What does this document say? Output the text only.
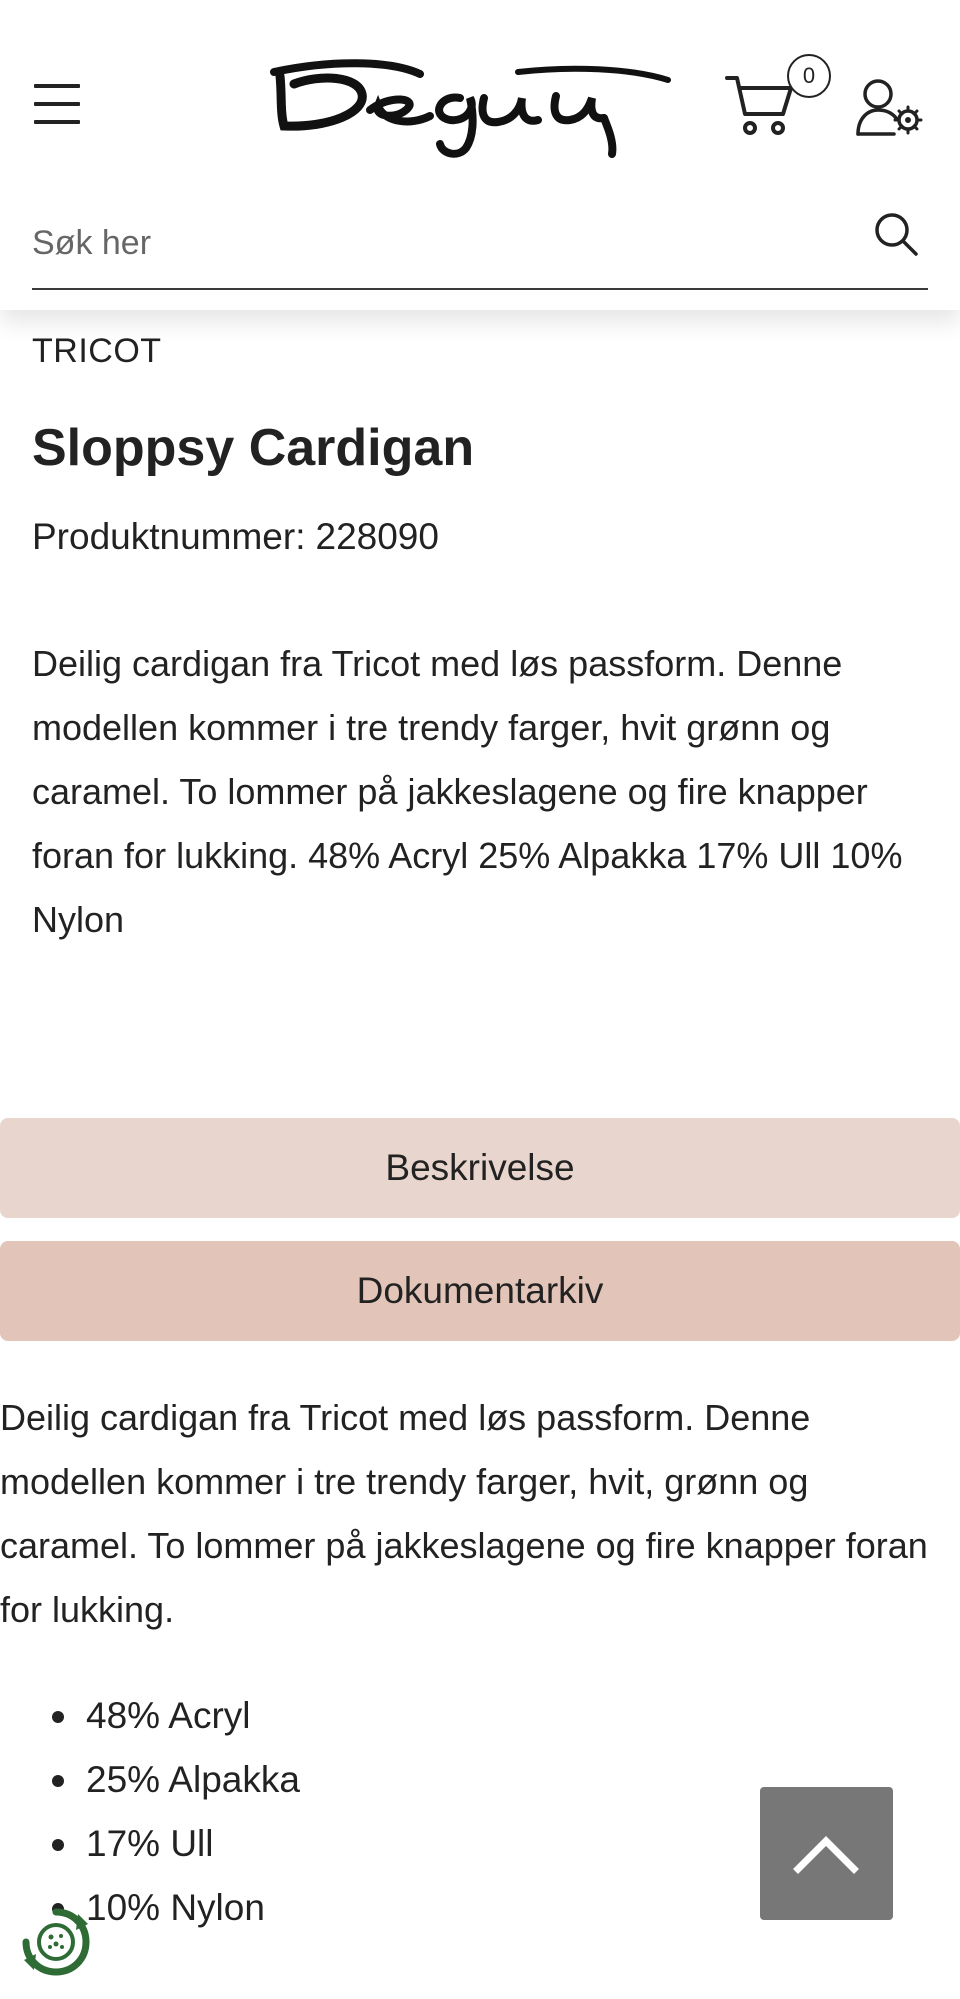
0
Søk her
TRICOT
Sloppsy Cardigan
Produktnummer: 228090

Deilig cardigan fra Tricot med løs passform. Denne modellen kommer i tre trendy farger, hvit grønn og caramel. To lommer på jakkeslagene og fire knapper foran for lukking. 48% Acryl 25% Alpakka 17% Ull 10% Nylon

Beskrivelse
Dokumentarkiv

Deilig cardigan fra Tricot med løs passform. Denne modellen kommer i tre trendy farger, hvit, grønn og caramel. To lommer på jakkeslagene og fire knapper foran for lukking.

48% Acryl
25% Alpakka
17% Ull
10% Nylon
